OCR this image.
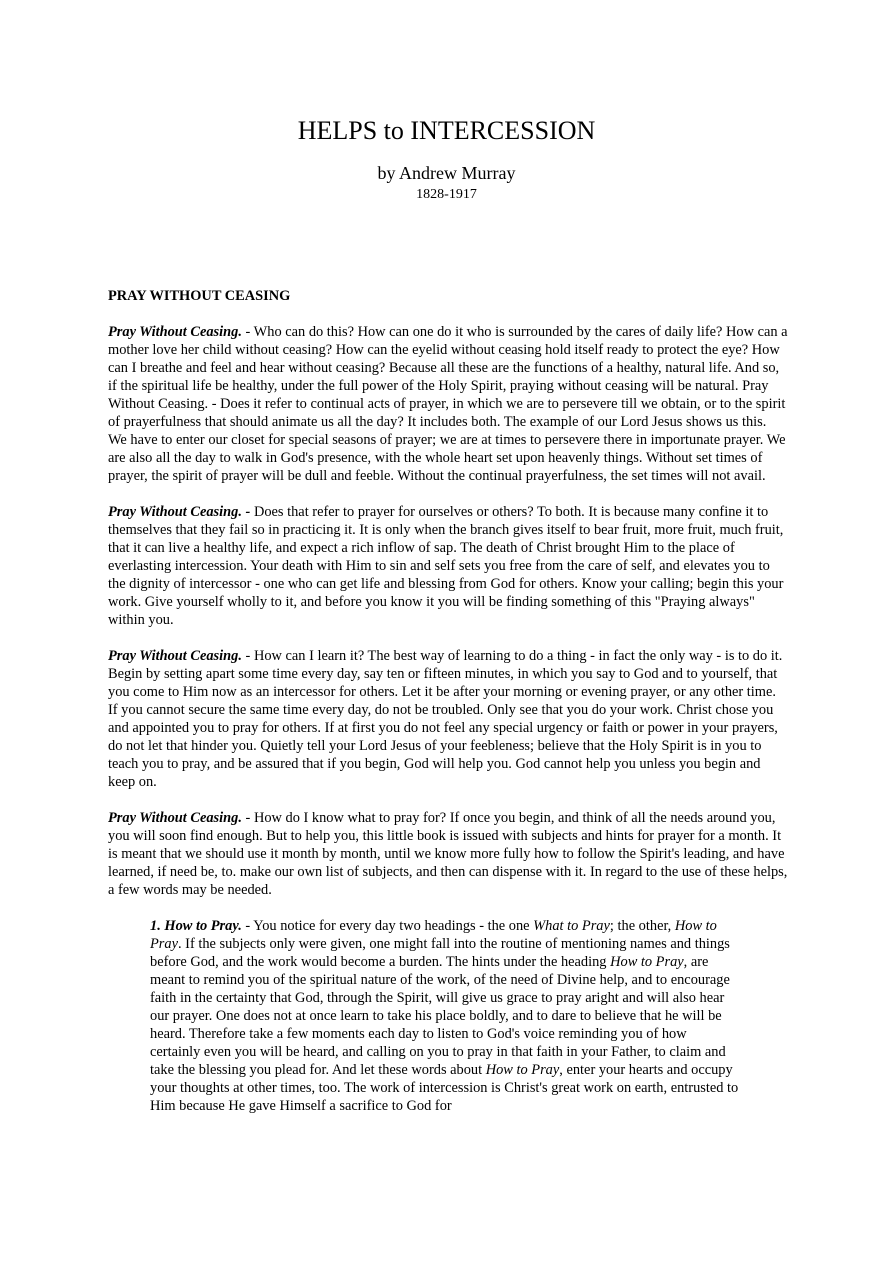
HELPS to INTERCESSION
by Andrew Murray
1828-1917

PRAY WITHOUT CEASING

Pray Without Ceasing. - Who can do this? How can one do it who is surrounded by the cares of daily life? How can a mother love her child without ceasing? How can the eyelid without ceasing hold itself ready to protect the eye? How can I breathe and feel and hear without ceasing? Because all these are the functions of a healthy, natural life. And so, if the spiritual life be healthy, under the full power of the Holy Spirit, praying without ceasing will be natural. Pray Without Ceasing. - Does it refer to continual acts of prayer, in which we are to persevere till we obtain, or to the spirit of prayerfulness that should animate us all the day? It includes both. The example of our Lord Jesus shows us this. We have to enter our closet for special seasons of prayer; we are at times to persevere there in importunate prayer. We are also all the day to walk in God's presence, with the whole heart set upon heavenly things. Without set times of prayer, the spirit of prayer will be dull and feeble. Without the continual prayerfulness, the set times will not avail.

Pray Without Ceasing. - Does that refer to prayer for ourselves or others? To both. It is because many confine it to themselves that they fail so in practicing it. It is only when the branch gives itself to bear fruit, more fruit, much fruit, that it can live a healthy life, and expect a rich inflow of sap. The death of Christ brought Him to the place of everlasting intercession. Your death with Him to sin and self sets you free from the care of self, and elevates you to the dignity of intercessor - one who can get life and blessing from God for others. Know your calling; begin this your work. Give yourself wholly to it, and before you know it you will be finding something of this "Praying always" within you.

Pray Without Ceasing. - How can I learn it? The best way of learning to do a thing - in fact the only way - is to do it. Begin by setting apart some time every day, say ten or fifteen minutes, in which you say to God and to yourself, that you come to Him now as an intercessor for others. Let it be after your morning or evening prayer, or any other time. If you cannot secure the same time every day, do not be troubled. Only see that you do your work. Christ chose you and appointed you to pray for others. If at first you do not feel any special urgency or faith or power in your prayers, do not let that hinder you. Quietly tell your Lord Jesus of your feebleness; believe that the Holy Spirit is in you to teach you to pray, and be assured that if you begin, God will help you. God cannot help you unless you begin and keep on.

Pray Without Ceasing. - How do I know what to pray for? If once you begin, and think of all the needs around you, you will soon find enough. But to help you, this little book is issued with subjects and hints for prayer for a month. It is meant that we should use it month by month, until we know more fully how to follow the Spirit's leading, and have learned, if need be, to. make our own list of subjects, and then can dispense with it. In regard to the use of these helps, a few words may be needed.

1. How to Pray. - You notice for every day two headings - the one What to Pray; the other, How to Pray. If the subjects only were given, one might fall into the routine of mentioning names and things before God, and the work would become a burden. The hints under the heading How to Pray, are meant to remind you of the spiritual nature of the work, of the need of Divine help, and to encourage faith in the certainty that God, through the Spirit, will give us grace to pray aright and will also hear our prayer. One does not at once learn to take his place boldly, and to dare to believe that he will be heard. Therefore take a few moments each day to listen to God's voice reminding you of how certainly even you will be heard, and calling on you to pray in that faith in your Father, to claim and take the blessing you plead for. And let these words about How to Pray, enter your hearts and occupy your thoughts at other times, too. The work of intercession is Christ's great work on earth, entrusted to Him because He gave Himself a sacrifice to God for
